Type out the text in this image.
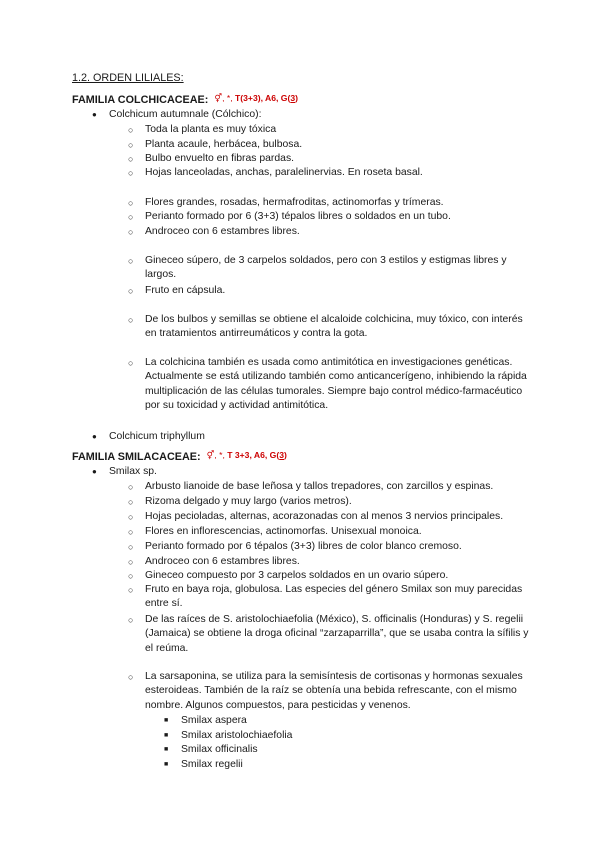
1.2. ORDEN LILIALES:
FAMILIA COLCHICACEAE: ⚥, *, T(3+3), A6, G(3)
● Colchicum autumnale (Cólchico):
○ Toda la planta es muy tóxica
○ Planta acaule, herbácea, bulbosa.
○ Bulbo envuelto en fibras pardas.
○ Hojas lanceoladas, anchas, paralelinervias. En roseta basal.
○ Flores grandes, rosadas, hermafroditas, actinomorfas y trímeras.
○ Perianto formado por 6 (3+3) tépalos libres o soldados en un tubo.
○ Androceo con 6 estambres libres.
○ Gineceo súpero, de 3 carpelos soldados, pero con 3 estilos y estigmas libres y largos.
○ Fruto en cápsula.
○ De los bulbos y semillas se obtiene el alcaloide colchicina, muy tóxico, con interés en tratamientos antirreumáticos y contra la gota.
○ La colchicina también es usada como antimitótica en investigaciones genéticas. Actualmente se está utilizando también como anticancerígeno, inhibiendo la rápida multiplicación de las células tumorales. Siempre bajo control médico-farmacéutico por su toxicidad y actividad antimitótica.
● Colchicum triphyllum
FAMILIA SMILACACEAE: ⚥, *, T 3+3, A6, G(3)
● Smilax sp.
○ Arbusto lianoide de base leñosa y tallos trepadores, con zarcillos y espinas.
○ Rizoma delgado y muy largo (varios metros).
○ Hojas pecioladas, alternas, acorazonadas con al menos 3 nervios principales.
○ Flores en inflorescencias, actinomorfas. Unisexual monoica.
○ Perianto formado por 6 tépalos (3+3) libres de color blanco cremoso.
○ Androceo con 6 estambres libres.
○ Gineceo compuesto por 3 carpelos soldados en un ovario súpero.
○ Fruto en baya roja, globulosa. Las especies del género Smilax son muy parecidas entre sí.
○ De las raíces de S. aristolochiaefolia (México), S. officinalis (Honduras) y S. regelii (Jamaica) se obtiene la droga oficinal “zarzaparrilla”, que se usaba contra la sífilis y el reúma.
○ La sarsaponina, se utiliza para la semisíntesis de cortisonas y hormonas sexuales esteroideas. También de la raíz se obtenía una bebida refrescante, con el mismo nombre. Algunos compuestos, para pesticidas y venenos.
■ Smilax aspera
■ Smilax aristolochiaefolia
■ Smilax officinalis
■ Smilax regelii
